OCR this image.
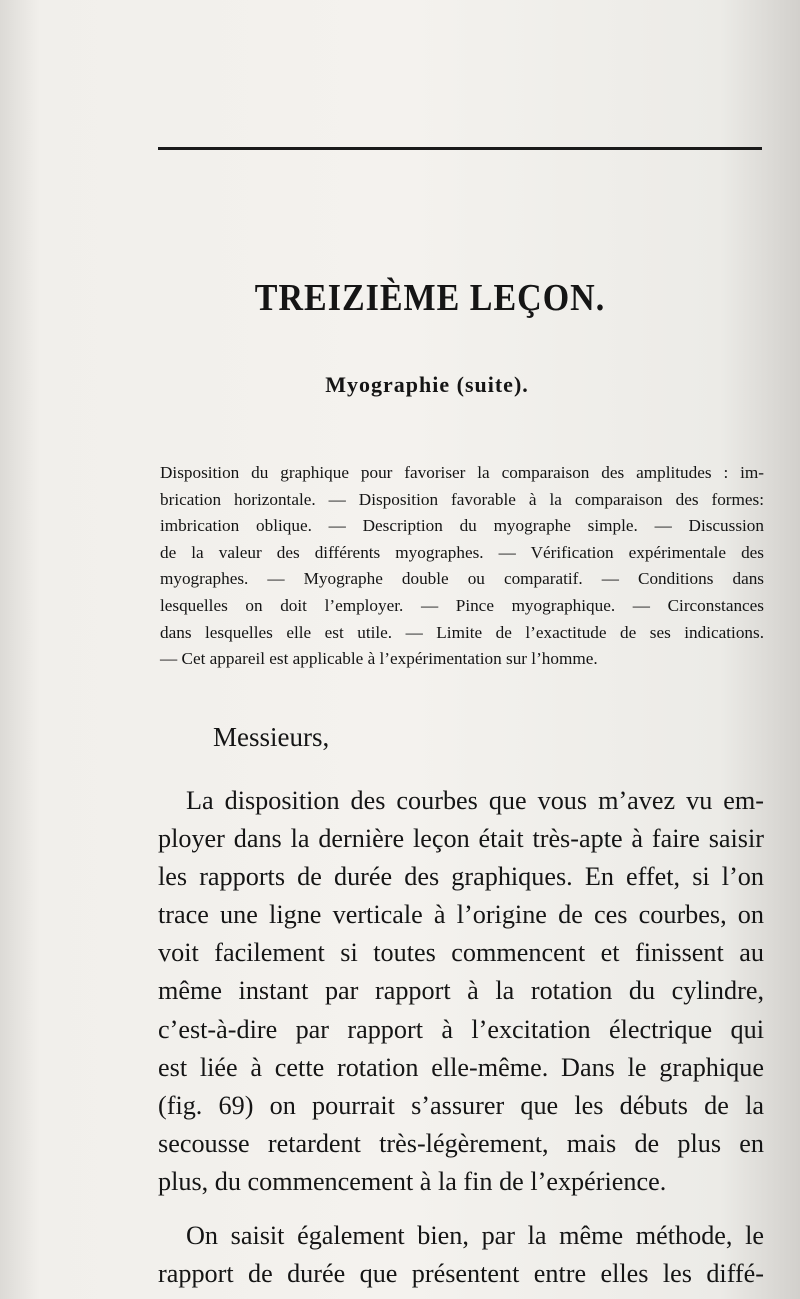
TREIZIÈME LEÇON.
Myographie (suite).
Disposition du graphique pour favoriser la comparaison des amplitudes : im-
brication horizontale. — Disposition favorable à la comparaison des formes:
imbrication oblique. — Description du myographe simple. — Discussion
de la valeur des différents myographes. — Vérification expérimentale des
myographes. — Myographe double ou comparatif. — Conditions dans
lesquelles on doit l’employer. — Pince myographique. — Circonstances
dans lesquelles elle est utile. — Limite de l’exactitude de ses indications.
— Cet appareil est applicable à l’expérimentation sur l’homme.
Messieurs,
La disposition des courbes que vous m’avez vu em-
ployer dans la dernière leçon était très-apte à faire saisir
les rapports de durée des graphiques. En effet, si l’on
trace une ligne verticale à l’origine de ces courbes, on
voit facilement si toutes commencent et finissent au
même instant par rapport à la rotation du cylindre,
c’est-à-dire par rapport à l’excitation électrique qui
est liée à cette rotation elle-même. Dans le graphique
(fig. 69) on pourrait s’assurer que les débuts de la
secousse retardent très-légèrement, mais de plus en
plus, du commencement à la fin de l’expérience.
On saisit également bien, par la même méthode, le
rapport de durée que présentent entre elles les diffé-
